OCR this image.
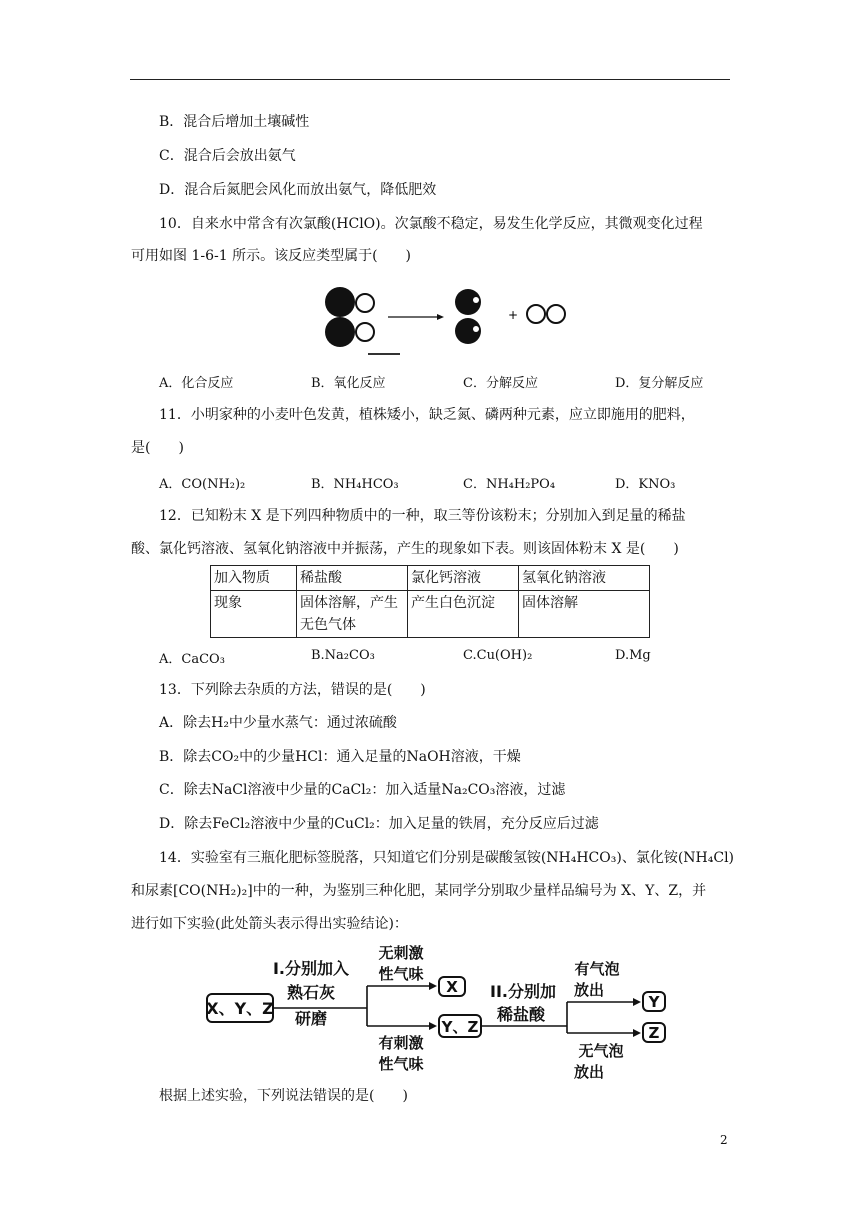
B．混合后增加土壤碱性
C．混合后会放出氨气
D．混合后氮肥会风化而放出氨气，降低肥效
10．自来水中常含有次氯酸(HClO)。次氯酸不稳定，易发生化学反应，其微观变化过程
可用如图 1-6-1 所示。该反应类型属于(　　)
+
A．化合反应	B．氧化反应	C．分解反应	D．复分解反应
11．小明家种的小麦叶色发黄，植株矮小，缺乏氮、磷两种元素，应立即施用的肥料，
是(　　)
A．CO(NH₂)₂	B．NH₄HCO₃	C．NH₄H₂PO₄	D．KNO₃
12．已知粉末 X 是下列四种物质中的一种，取三等份该粉末；分别加入到足量的稀盐
酸、氯化钙溶液、氢氧化钠溶液中并振荡，产生的现象如下表。则该固体粉末 X 是(　　)
加入物质	稀盐酸	氯化钙溶液	氢氧化钠溶液
现象	固体溶解，产生无色气体	产生白色沉淀	固体溶解
A．CaCO₃	B.Na₂CO₃	C.Cu(OH)₂	D.Mg
13．下列除去杂质的方法，错误的是(　　)
A．除去H₂中少量水蒸气：通过浓硫酸
B．除去CO₂中的少量HCl：通入足量的NaOH溶液，干燥
C．除去NaCl溶液中少量的CaCl₂：加入适量Na₂CO₃溶液，过滤
D．除去FeCl₂溶液中少量的CuCl₂：加入足量的铁屑，充分反应后过滤
14．实验室有三瓶化肥标签脱落，只知道它们分别是碳酸氢铵(NH₄HCO₃)、氯化铵(NH₄Cl)
和尿素[CO(NH₂)₂]中的一种，为鉴别三种化肥，某同学分别取少量样品编号为 X、Y、Z，并
进行如下实验(此处箭头表示得出实验结论)：
X、Y、Z
I.分别加入
熟石灰
研磨
无刺激
性气味
有刺激
性气味
X
Y、Z
II.分别加
稀盐酸
有气泡
放出
无气泡
放出
Y
Z
根据上述实验，下列说法错误的是(　　)
2
